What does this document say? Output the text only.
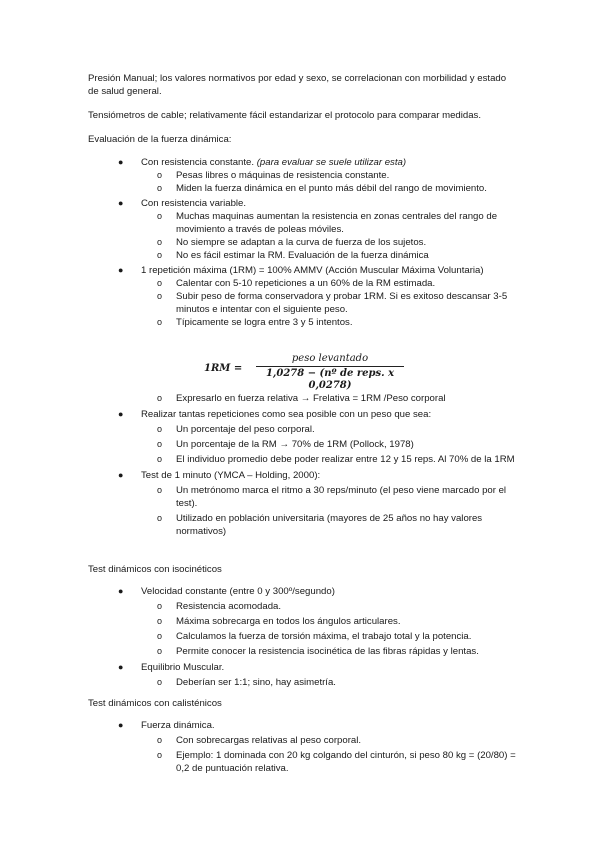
Presión Manual; los valores normativos por edad y sexo, se correlacionan con morbilidad y estado de salud general.

Tensiómetros de cable; relativamente fácil estandarizar el protocolo para comparar medidas.

Evaluación de la fuerza dinámica:

● Con resistencia constante. (para evaluar se suele utilizar esta)
o Pesas libres o máquinas de resistencia constante.
o Miden la fuerza dinámica en el punto más débil del rango de movimiento.
● Con resistencia variable.
o Muchas maquinas aumentan la resistencia en zonas centrales del rango de movimiento a través de poleas móviles.
o No siempre se adaptan a la curva de fuerza de los sujetos.
o No es fácil estimar la RM. Evaluación de la fuerza dinámica
● 1 repetición máxima (1RM) = 100% AMMV (Acción Muscular Máxima Voluntaria)
o Calentar con 5-10 repeticiones a un 60% de la RM estimada.
o Subir peso de forma conservadora y probar 1RM. Si es exitoso descansar 3-5 minutos e intentar con el siguiente peso.
o Típicamente se logra entre 3 y 5 intentos.
1RM =
peso levantado
1,0278 − (nº de reps. x 0,0278)
o Expresarlo en fuerza relativa → Frelativa = 1RM /Peso corporal
● Realizar tantas repeticiones como sea posible con un peso que sea:
o Un porcentaje del peso corporal.
o Un porcentaje de la RM → 70% de 1RM (Pollock, 1978)
o El individuo promedio debe poder realizar entre 12 y 15 reps. Al 70% de la 1RM
● Test de 1 minuto (YMCA – Holding, 2000):
o Un metrónomo marca el ritmo a 30 reps/minuto (el peso viene marcado por el test).
o Utilizado en población universitaria (mayores de 25 años no hay valores normativos)

Test dinámicos con isocinéticos

● Velocidad constante (entre 0 y 300º/segundo)
o Resistencia acomodada.
o Máxima sobrecarga en todos los ángulos articulares.
o Calculamos la fuerza de torsión máxima, el trabajo total y la potencia.
o Permite conocer la resistencia isocinética de las fibras rápidas y lentas.
● Equilibrio Muscular.
o Deberían ser 1:1; sino, hay asimetría.

Test dinámicos con calisténicos

● Fuerza dinámica.
o Con sobrecargas relativas al peso corporal.
o Ejemplo: 1 dominada con 20 kg colgando del cinturón, si peso 80 kg = (20/80) = 0,2 de puntuación relativa.
